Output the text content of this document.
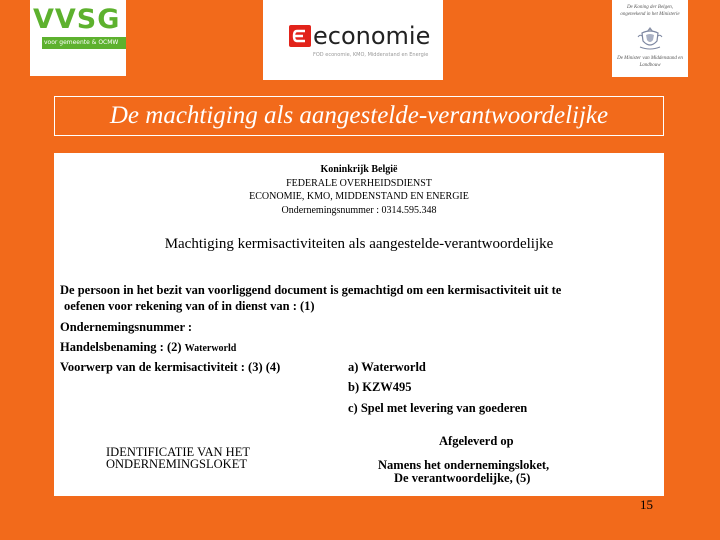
VVSG
voor gemeente & OCMW	economie
FOD economie, KMO, Middenstand en Energie
De Koning der Belgen, ongeteekend in het Ministerie
De Minister van Middenstand en Landbouw
De machtiging als aangestelde-verantwoordelijke
Koninkrijk België
FEDERALE OVERHEIDSDIENST
ECONOMIE, KMO, MIDDENSTAND EN ENERGIE
Ondernemingsnummer : 0314.595.348
Machtiging kermisactiviteiten als aangestelde-verantwoordelijke
De persoon in het bezit van voorliggend document is gemachtigd om een kermisactiviteit uit te
oefenen voor rekening van of in dienst van : (1)
Ondernemingsnummer :
Handelsbenaming : (2) Waterworld
Voorwerp van de kermisactiviteit : (3) (4)	a) Waterworld
b) KZW495
c) Spel met levering van goederen
Afgeleverd op
IDENTIFICATIE VAN HET
ONDERNEMINGSLOKET	Namens het ondernemingsloket,
De verantwoordelijke, (5)
15
